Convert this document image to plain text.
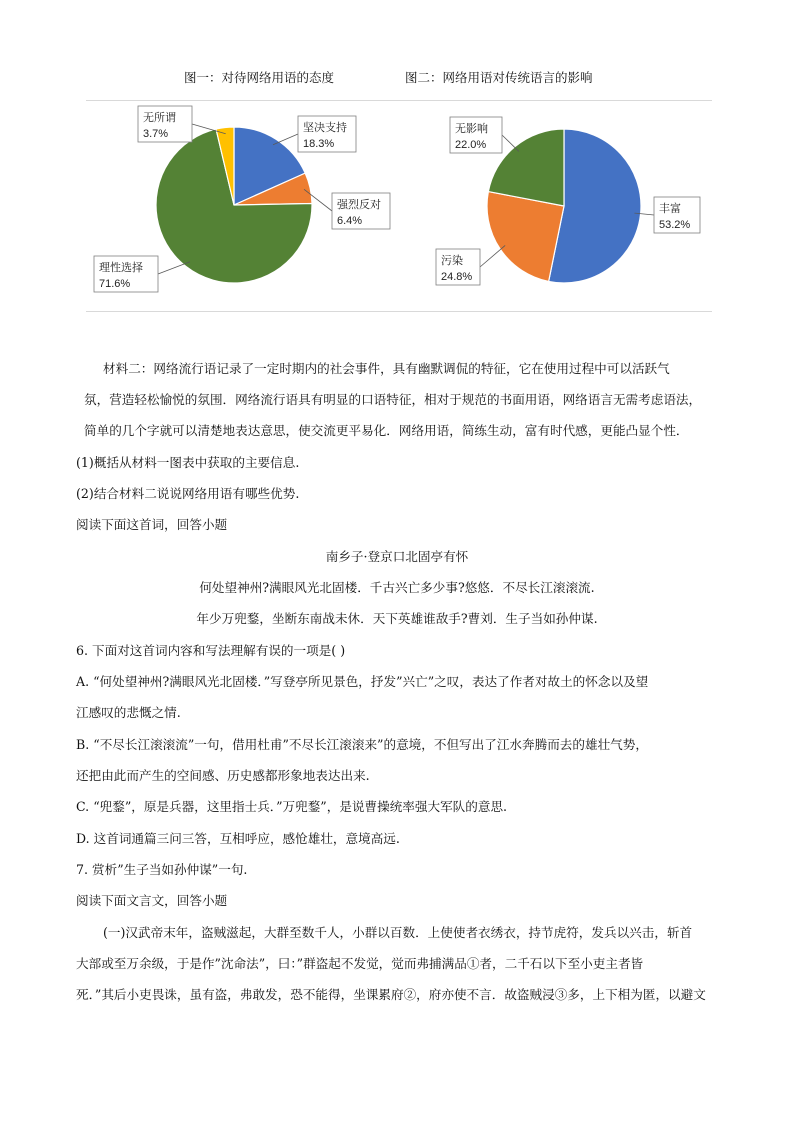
图一：对待网络用语的态度	图二：网络用语对传统语言的影响
坚决支持
18.3%
强烈反对
6.4%
理性选择
71.6%
无所谓
3.7%
丰富
53.2%
污染
24.8%
无影响
22.0%
材料二：网络流行语记录了一定时期内的社会事件，具有幽默调侃的特征，它在使用过程中可以活跃气
氛，营造轻松愉悦的氛围．网络流行语具有明显的口语特征，相对于规范的书面用语，网络语言无需考虑语法，
简单的几个字就可以清楚地表达意思，使交流更平易化．网络用语，简练生动，富有时代感，更能凸显个性．
(1)概括从材料一图表中获取的主要信息.
(2)结合材料二说说网络用语有哪些优势.
阅读下面这首词，回答小题
南乡子·登京口北固亭有怀
何处望神州?满眼风光北固楼．千古兴亡多少事?悠悠．不尽长江滚滚流.
年少万兜鍪，坐断东南战未休．天下英雄谁敌手?曹刘．生子当如孙仲谋.
6. 下面对这首词内容和写法理解有误的一项是( )
A. “何处望神州?满眼风光北固楼．”写登亭所见景色，抒发”兴亡”之叹，表达了作者对故土的怀念以及望
江感叹的悲慨之情.
B. “不尽长江滚滚流”一句，借用杜甫”不尽长江滚滚来”的意境，不但写出了江水奔腾而去的雄壮气势，
还把由此而产生的空间感、历史感都形象地表达出来.
C. “兜鍪”，原是兵器，这里指士兵．”万兜鍪”，是说曹操统率强大军队的意思.
D. 这首词通篇三问三答，互相呼应，感怆雄壮，意境高远.
7. 赏析”生子当如孙仲谋”一句.
阅读下面文言文，回答小题
(一)汉武帝末年，盗贼滋起，大群至数千人，小群以百数．上使使者衣绣衣，持节虎符，发兵以兴击，斩首
大部或至万余级，于是作”沈命法”，曰：”群盗起不发觉，觉而弗捕满品①者，二千石以下至小吏主者皆
死．”其后小吏畏诛，虽有盗，弗敢发，恐不能得，坐课累府②，府亦使不言．故盗贼浸③多，上下相为匿，以避文
